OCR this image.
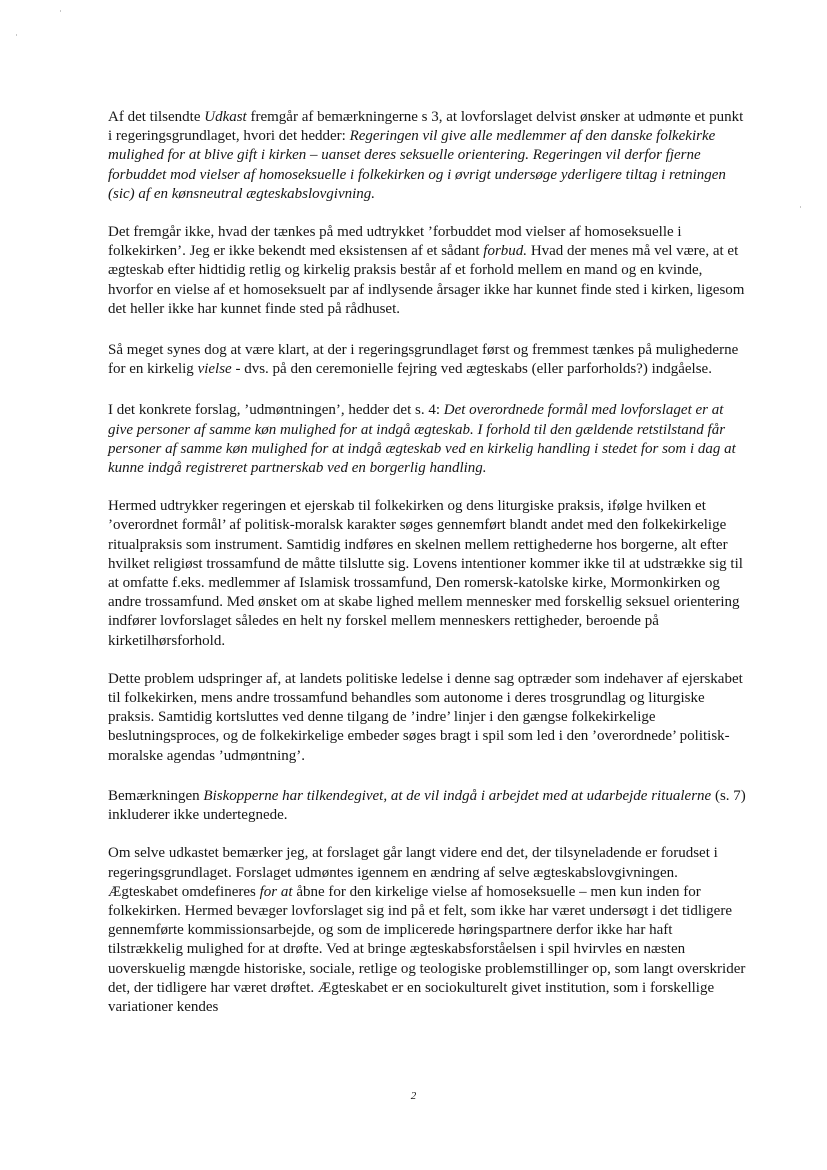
Af det tilsendte Udkast fremgår af bemærkningerne s 3, at lovforslaget delvist ønsker at udmønte et punkt i regeringsgrundlaget, hvori det hedder: Regeringen vil give alle medlemmer af den danske folkekirke mulighed for at blive gift i kirken – uanset deres seksuelle orientering. Regeringen vil derfor fjerne forbuddet mod vielser af homoseksuelle i folkekirken og i øvrigt undersøge yderligere tiltag i retningen (sic) af en kønsneutral ægteskabslovgivning.

Det fremgår ikke, hvad der tænkes på med udtrykket ’forbuddet mod vielser af homoseksuelle i folkekirken’. Jeg er ikke bekendt med eksistensen af et sådant forbud. Hvad der menes må vel være, at et ægteskab efter hidtidig retlig og kirkelig praksis består af et forhold mellem en mand og en kvinde, hvorfor en vielse af et homoseksuelt par af indlysende årsager ikke har kunnet finde sted i kirken, ligesom det heller ikke har kunnet finde sted på rådhuset.

Så meget synes dog at være klart, at der i regeringsgrundlaget først og fremmest tænkes på mulighederne for en kirkelig vielse - dvs. på den ceremonielle fejring ved ægteskabs (eller parforholds?) indgåelse.

I det konkrete forslag, ’udmøntningen’, hedder det s. 4: Det overordnede formål med lovforslaget er at give personer af samme køn mulighed for at indgå ægteskab. I forhold til den gældende retstilstand får personer af samme køn mulighed for at indgå ægteskab ved en kirkelig handling i stedet for som i dag at kunne indgå registreret partnerskab ved en borgerlig handling.

Hermed udtrykker regeringen et ejerskab til folkekirken og dens liturgiske praksis, ifølge hvilken et ’overordnet formål’ af politisk-moralsk karakter søges gennemført blandt andet med den folkekirkelige ritualpraksis som instrument. Samtidig indføres en skelnen mellem rettighederne hos borgerne, alt efter hvilket religiøst trossamfund de måtte tilslutte sig. Lovens intentioner kommer ikke til at udstrække sig til at omfatte f.eks. medlemmer af Islamisk trossamfund, Den romersk-katolske kirke, Mormonkirken og andre trossamfund. Med ønsket om at skabe lighed mellem mennesker med forskellig seksuel orientering indfører lovforslaget således en helt ny forskel mellem menneskers rettigheder, beroende på kirketilhørsforhold.

Dette problem udspringer af, at landets politiske ledelse i denne sag optræder som indehaver af ejerskabet til folkekirken, mens andre trossamfund behandles som autonome i deres trosgrundlag og liturgiske praksis. Samtidig kortsluttes ved denne tilgang de ’indre’ linjer i den gængse folkekirkelige beslutningsproces, og de folkekirkelige embeder søges bragt i spil som led i den ’overordnede’ politisk-moralske agendas ’udmøntning’.

Bemærkningen Biskopperne har tilkendegivet, at de vil indgå i arbejdet med at udarbejde ritualerne (s. 7) inkluderer ikke undertegnede.

Om selve udkastet bemærker jeg, at forslaget går langt videre end det, der tilsyneladende er forudset i regeringsgrundlaget. Forslaget udmøntes igennem en ændring af selve ægteskabslovgivningen. Ægteskabet omdefineres for at åbne for den kirkelige vielse af homoseksuelle – men kun inden for folkekirken. Hermed bevæger lovforslaget sig ind på et felt, som ikke har været undersøgt i det tidligere gennemførte kommissionsarbejde, og som de implicerede høringspartnere derfor ikke har haft tilstrækkelig mulighed for at drøfte. Ved at bringe ægteskabsforståelsen i spil hvirvles en næsten uoverskuelig mængde historiske, sociale, retlige og teologiske problemstillinger op, som langt overskrider det, der tidligere har været drøftet. Ægteskabet er en sociokulturelt givet institution, som i forskellige variationer kendes

2
